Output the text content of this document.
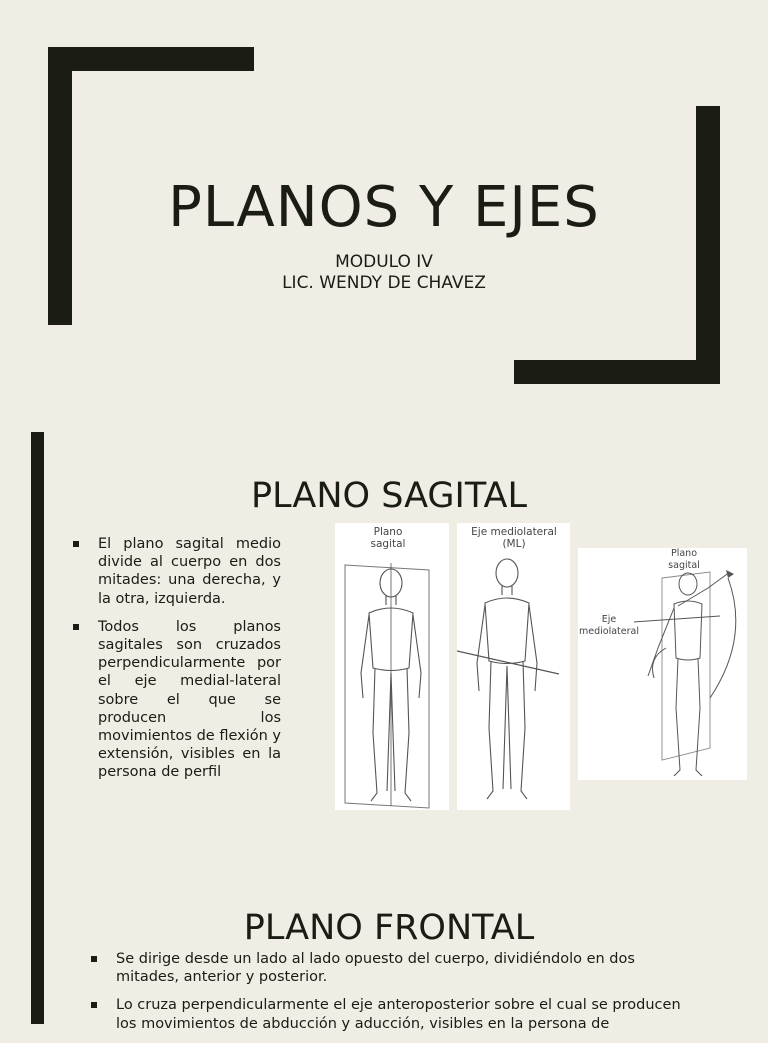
PLANOS Y EJES
MODULO IV
LIC. WENDY DE CHAVEZ
PLANO SAGITAL
El plano sagital medio divide al cuerpo en dos mitades: una derecha, y la otra, izquierda.
Todos los planos sagitales son cruzados perpendicularmente por el eje medial-lateral sobre el que se producen los movimientos de flexión y extensión, visibles en la persona de perfil
Plano sagital
Eje mediolateral (ML)
Plano sagital
Eje mediolateral
PLANO FRONTAL
Se dirige desde un lado al lado opuesto del cuerpo, dividiéndolo en dos mitades, anterior y posterior.
Lo cruza perpendicularmente el eje anteroposterior sobre el cual se producen los movimientos de abducción y aducción, visibles en la persona de
